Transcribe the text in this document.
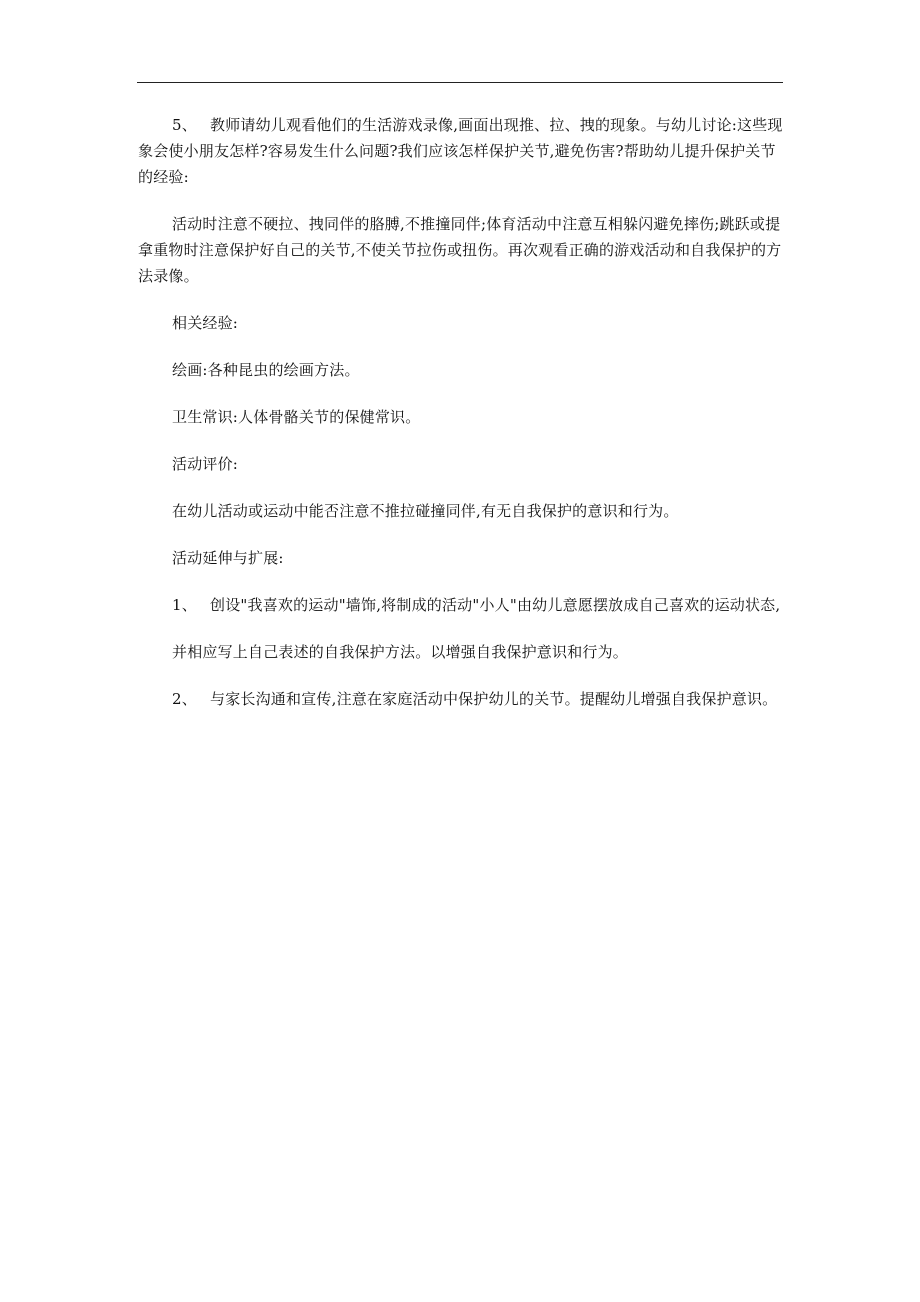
5、 教师请幼儿观看他们的生活游戏录像,画面出现推、拉、拽的现象。与幼儿讨论:这些现象会使小朋友怎样?容易发生什么问题?我们应该怎样保护关节,避免伤害?帮助幼儿提升保护关节的经验:

活动时注意不硬拉、拽同伴的胳膊,不推撞同伴;体育活动中注意互相躲闪避免摔伤;跳跃或提拿重物时注意保护好自己的关节,不使关节拉伤或扭伤。再次观看正确的游戏活动和自我保护的方法录像。

相关经验:

绘画:各种昆虫的绘画方法。

卫生常识:人体骨骼关节的保健常识。

活动评价:

在幼儿活动或运动中能否注意不推拉碰撞同伴,有无自我保护的意识和行为。

活动延伸与扩展:

1、 创设"我喜欢的运动"墙饰,将制成的活动"小人"由幼儿意愿摆放成自己喜欢的运动状态,

并相应写上自己表述的自我保护方法。以增强自我保护意识和行为。

2、 与家长沟通和宣传,注意在家庭活动中保护幼儿的关节。提醒幼儿增强自我保护意识。
